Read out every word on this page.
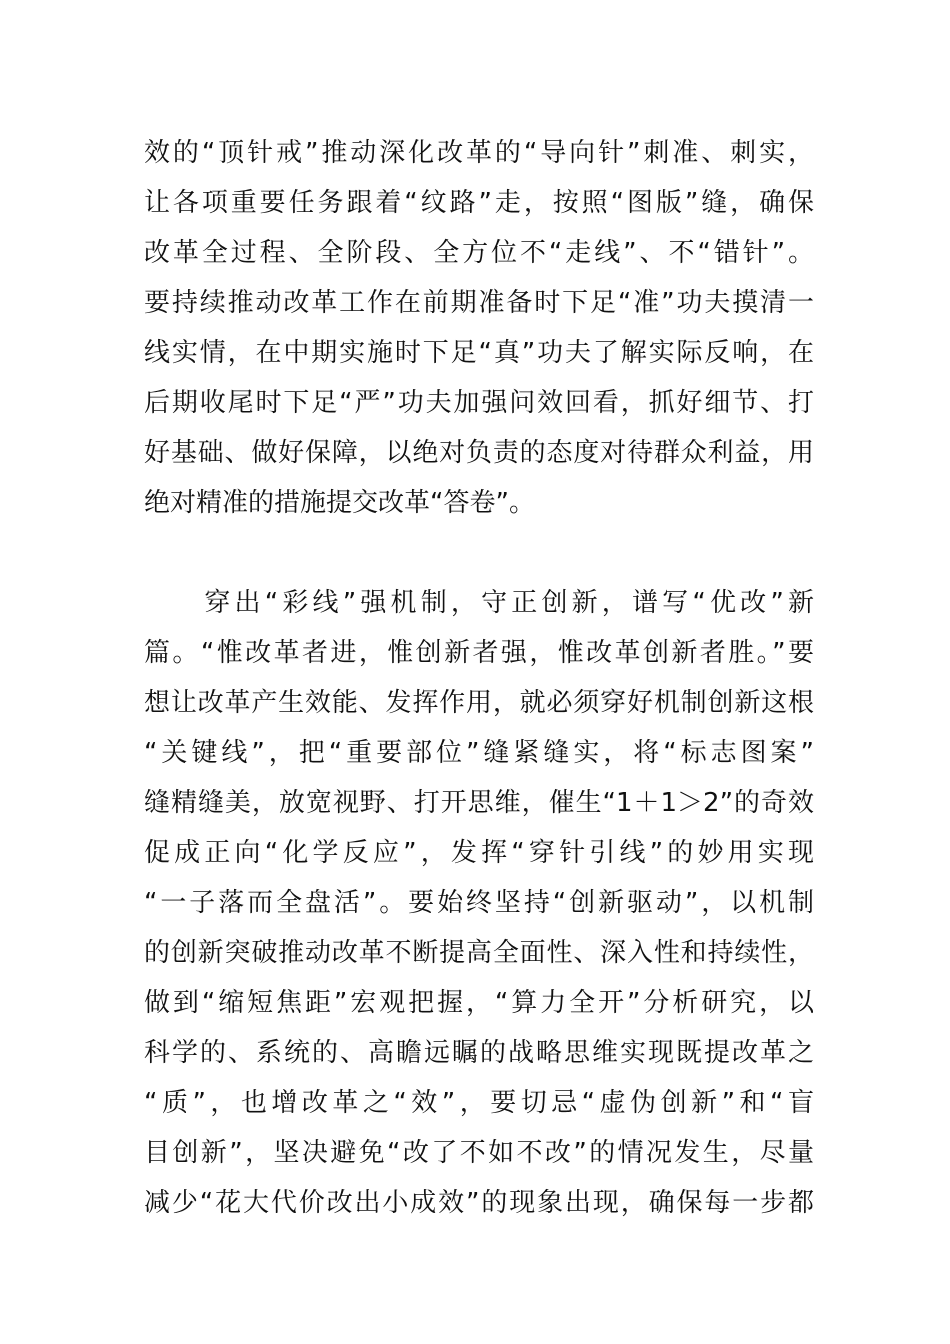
效的“顶针戒”推动深化改革的“导向针”刺准、刺实，
让各项重要任务跟着“纹路”走，按照“图版”缝，确保
改革全过程、全阶段、全方位不“走线”、不“错针”。
要持续推动改革工作在前期准备时下足“准”功夫摸清一
线实情，在中期实施时下足“真”功夫了解实际反响，在
后期收尾时下足“严”功夫加强问效回看，抓好细节、打
好基础、做好保障，以绝对负责的态度对待群众利益，用
绝对精准的措施提交改革“答卷”。
　　穿出“彩线”强机制，守正创新，谱写“优改”新
篇。“惟改革者进，惟创新者强，惟改革创新者胜。”要
想让改革产生效能、发挥作用，就必须穿好机制创新这根
“关键线”，把“重要部位”缝紧缝实，将“标志图案”
缝精缝美，放宽视野、打开思维，催生“1＋1＞2”的奇效
促成正向“化学反应”，发挥“穿针引线”的妙用实现
“一子落而全盘活”。要始终坚持“创新驱动”，以机制
的创新突破推动改革不断提高全面性、深入性和持续性，
做到“缩短焦距”宏观把握，“算力全开”分析研究，以
科学的、系统的、高瞻远瞩的战略思维实现既提改革之
“质”，也增改革之“效”，要切忌“虚伪创新”和“盲
目创新”，坚决避免“改了不如不改”的情况发生，尽量
减少“花大代价改出小成效”的现象出现，确保每一步都
